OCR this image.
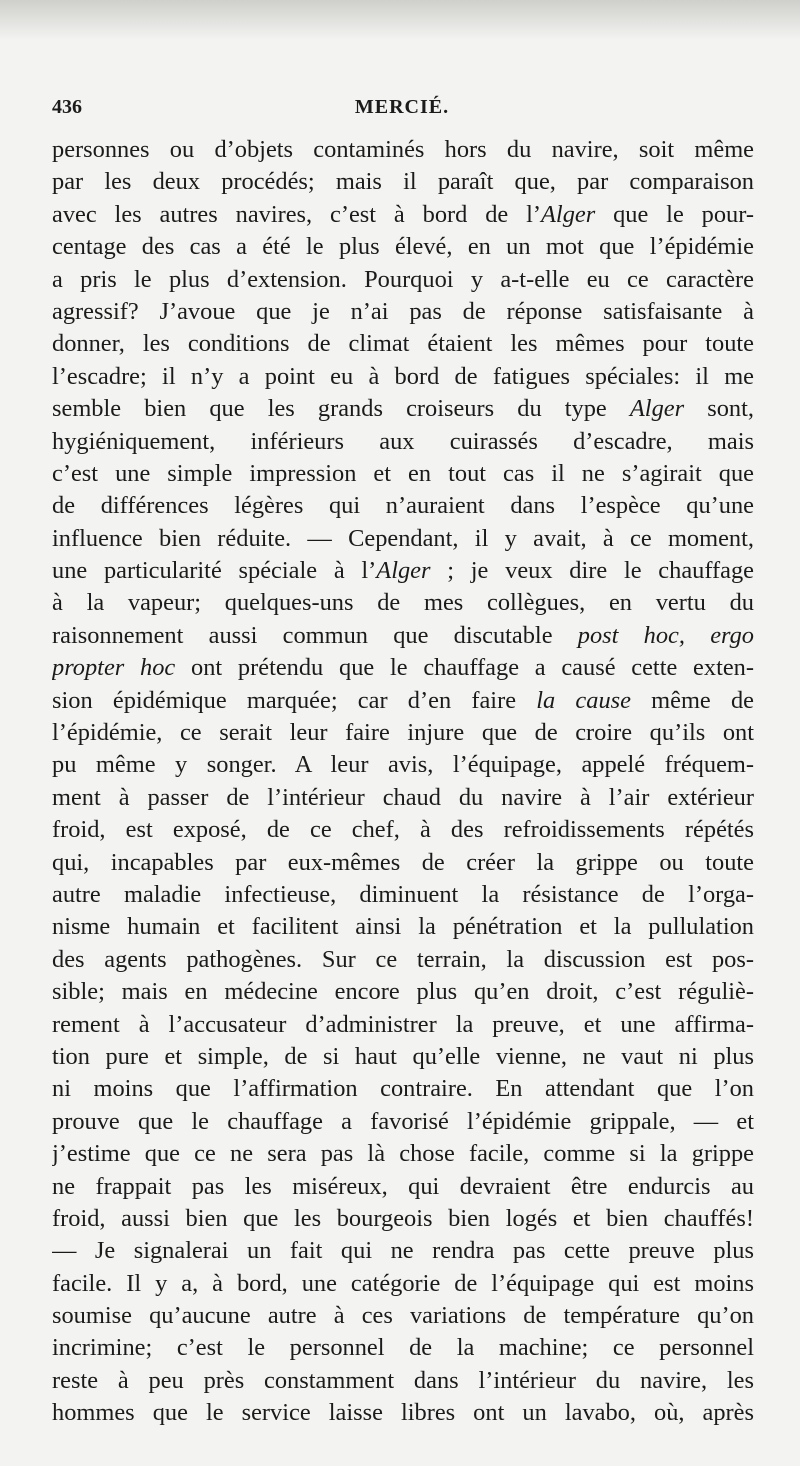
436	MERCIÉ.
personnes ou d’objets contaminés hors du navire, soit même
par les deux procédés; mais il paraît que, par comparaison
avec les autres navires, c’est à bord de l’Alger que le pour-
centage des cas a été le plus élevé, en un mot que l’épidémie
a pris le plus d’extension. Pourquoi y a-t-elle eu ce caractère
agressif? J’avoue que je n’ai pas de réponse satisfaisante à
donner, les conditions de climat étaient les mêmes pour toute
l’escadre; il n’y a point eu à bord de fatigues spéciales: il me
semble bien que les grands croiseurs du type Alger sont,
hygiéniquement, inférieurs aux cuirassés d’escadre, mais
c’est une simple impression et en tout cas il ne s’agirait que
de différences légères qui n’auraient dans l’espèce qu’une
influence bien réduite. — Cependant, il y avait, à ce moment,
une particularité spéciale à l’Alger ; je veux dire le chauffage
à la vapeur; quelques-uns de mes collègues, en vertu du
raisonnement aussi commun que discutable post hoc, ergo
propter hoc ont prétendu que le chauffage a causé cette exten-
sion épidémique marquée; car d’en faire la cause même de
l’épidémie, ce serait leur faire injure que de croire qu’ils ont
pu même y songer. A leur avis, l’équipage, appelé fréquem-
ment à passer de l’intérieur chaud du navire à l’air extérieur
froid, est exposé, de ce chef, à des refroidissements répétés
qui, incapables par eux-mêmes de créer la grippe ou toute
autre maladie infectieuse, diminuent la résistance de l’orga-
nisme humain et facilitent ainsi la pénétration et la pullulation
des agents pathogènes. Sur ce terrain, la discussion est pos-
sible; mais en médecine encore plus qu’en droit, c’est réguliè-
rement à l’accusateur d’administrer la preuve, et une affirma-
tion pure et simple, de si haut qu’elle vienne, ne vaut ni plus
ni moins que l’affirmation contraire. En attendant que l’on
prouve que le chauffage a favorisé l’épidémie grippale, — et
j’estime que ce ne sera pas là chose facile, comme si la grippe
ne frappait pas les miséreux, qui devraient être endurcis au
froid, aussi bien que les bourgeois bien logés et bien chauffés!
— Je signalerai un fait qui ne rendra pas cette preuve plus
facile. Il y a, à bord, une catégorie de l’équipage qui est moins
soumise qu’aucune autre à ces variations de température qu’on
incrimine; c’est le personnel de la machine; ce personnel
reste à peu près constamment dans l’intérieur du navire, les
hommes que le service laisse libres ont un lavabo, où, après
